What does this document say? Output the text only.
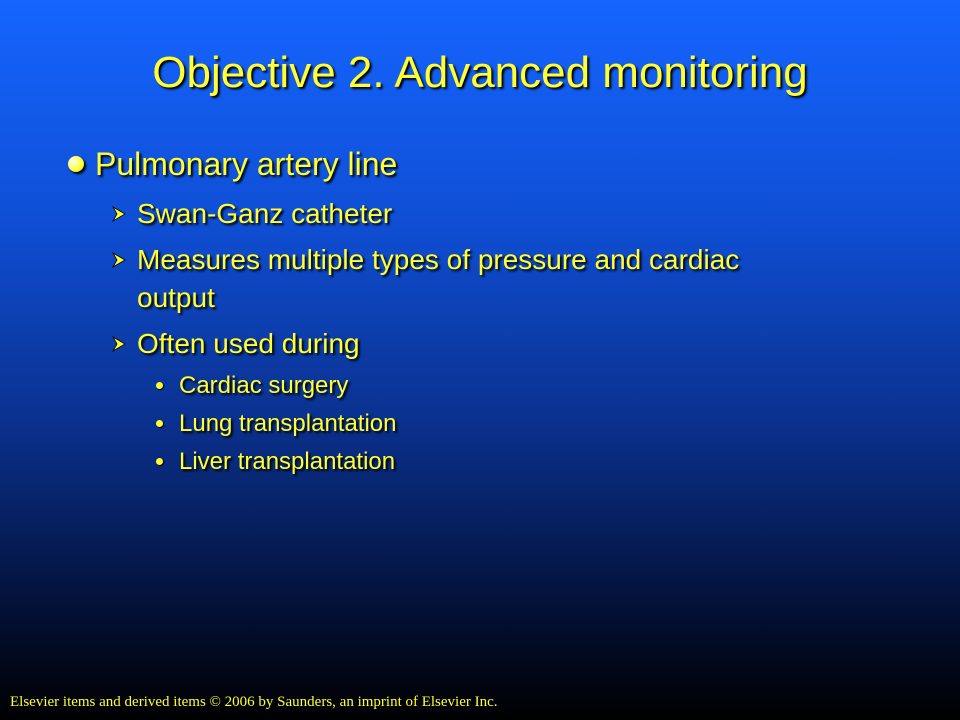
Objective 2. Advanced monitoring
Pulmonary artery line
Swan-Ganz catheter
Measures multiple types of pressure and cardiac
output
Often used during
Cardiac surgery
Lung transplantation
Liver transplantation
Elsevier items and derived items © 2006 by Saunders, an imprint of Elsevier Inc.
